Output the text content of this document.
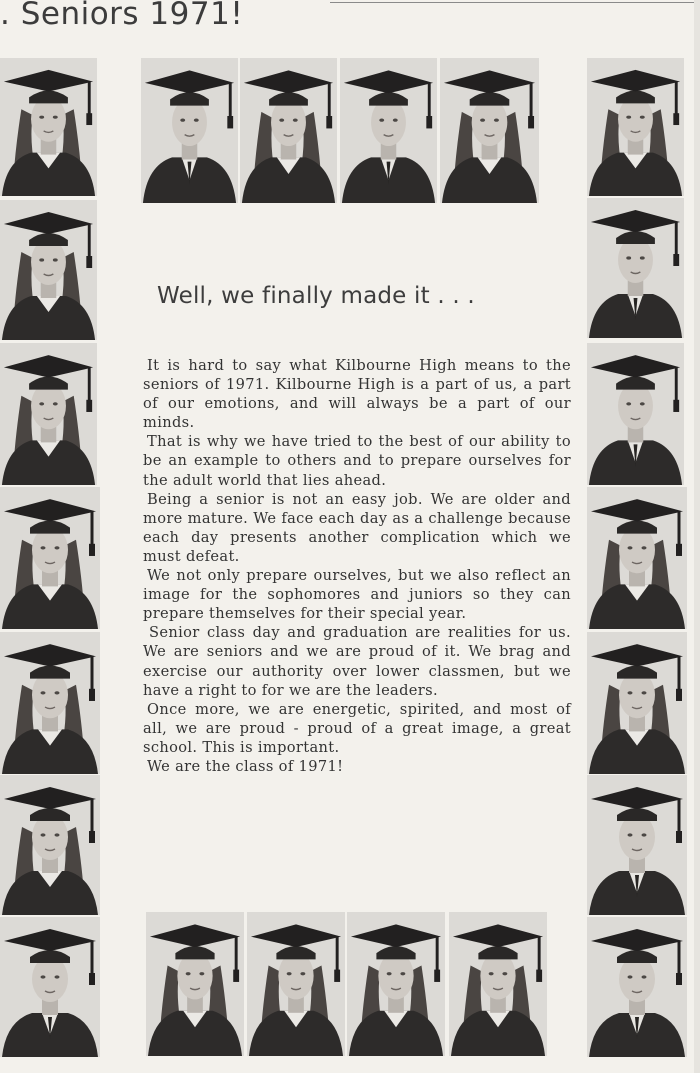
. Seniors 1971!
Well, we finally made it . . .

It is hard to say what Kilbourne High means to the seniors of 1971. Kilbourne High is a part of us, a part of our emotions, and will always be a part of our minds.

That is why we have tried to the best of our ability to be an example to others and to prepare ourselves for the adult world that lies ahead.

Being a senior is not an easy job. We are older and more mature. We face each day as a challenge because each day presents another complication which we must defeat.

We not only prepare ourselves, but we also reflect an image for the sophomores and juniors so they can prepare themselves for their special year.

Senior class day and graduation are realities for us. We are seniors and we are proud of it. We brag and exercise our authority over lower classmen, but we have a right to for we are the leaders.

Once more, we are energetic, spirited, and most of all, we are proud - proud of a great image, a great school. This is important.

We are the class of 1971!
